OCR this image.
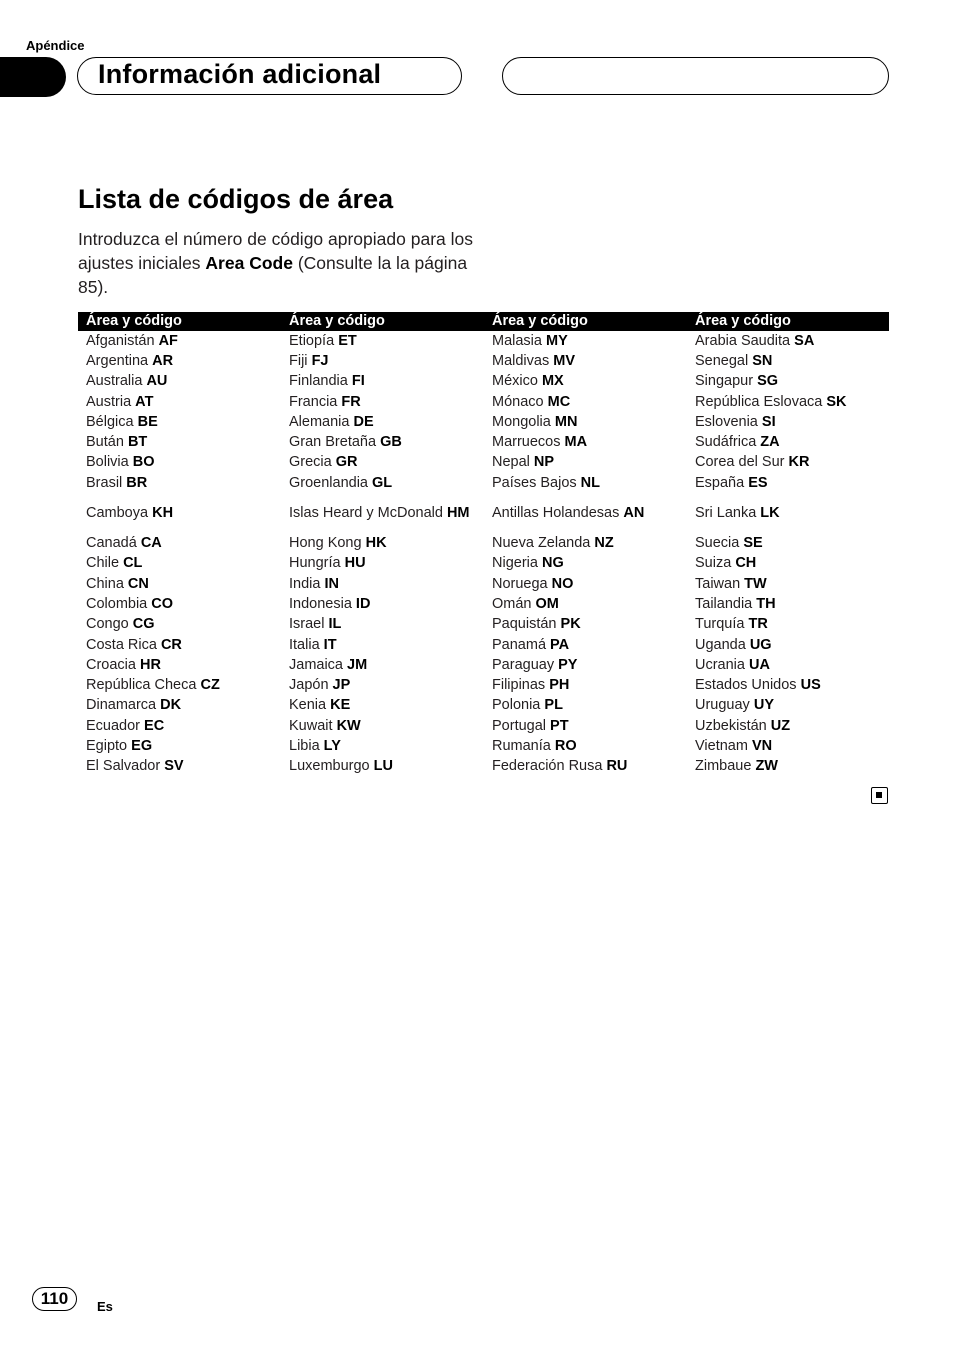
Apéndice
Información adicional
Lista de códigos de área

Introduzca el número de código apropiado para los ajustes iniciales Area Code (Consulte la la página 85).

Área y código	Área y código	Área y código	Área y código
Afganistán AF	Etiopía ET	Malasia MY	Arabia Saudita SA
Argentina AR	Fiji FJ	Maldivas MV	Senegal SN
Australia AU	Finlandia FI	México MX	Singapur SG
Austria AT	Francia FR	Mónaco MC	República Eslovaca SK
Bélgica BE	Alemania DE	Mongolia MN	Eslovenia SI
Bután BT	Gran Bretaña GB	Marruecos MA	Sudáfrica ZA
Bolivia BO	Grecia GR	Nepal NP	Corea del Sur KR
Brasil BR	Groenlandia GL	Países Bajos NL	España ES
Camboya KH	Islas Heard y McDonald HM	Antillas Holandesas AN	Sri Lanka LK
Canadá CA	Hong Kong HK	Nueva Zelanda NZ	Suecia SE
Chile CL	Hungría HU	Nigeria NG	Suiza CH
China CN	India IN	Noruega NO	Taiwan TW
Colombia CO	Indonesia ID	Omán OM	Tailandia TH
Congo CG	Israel IL	Paquistán PK	Turquía TR
Costa Rica CR	Italia IT	Panamá PA	Uganda UG
Croacia HR	Jamaica JM	Paraguay PY	Ucrania UA
República Checa CZ	Japón JP	Filipinas PH	Estados Unidos US
Dinamarca DK	Kenia KE	Polonia PL	Uruguay UY
Ecuador EC	Kuwait KW	Portugal PT	Uzbekistán UZ
Egipto EG	Libia LY	Rumanía RO	Vietnam VN
El Salvador SV	Luxemburgo LU	Federación Rusa RU	Zimbaue ZW
110	Es
